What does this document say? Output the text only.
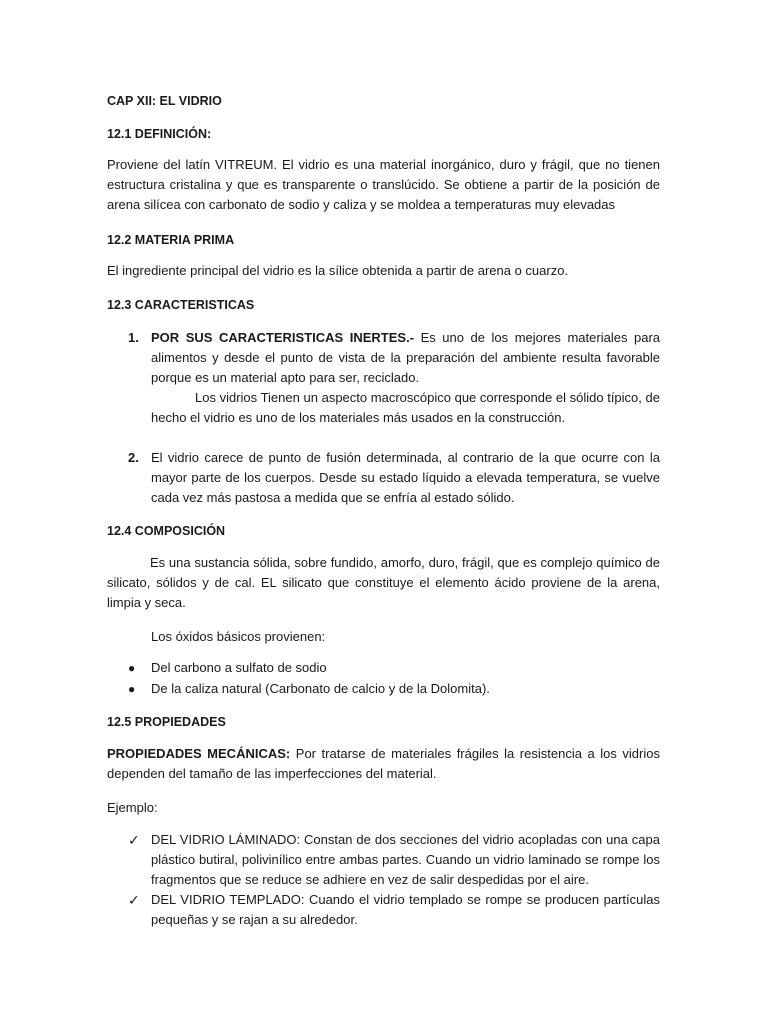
CAP XII: EL VIDRIO
12.1 DEFINICIÓN:
Proviene del latín VITREUM. El vidrio es una material inorgánico, duro y frágil, que no tienen
estructura cristalina y que es transparente o translúcido. Se obtiene a partir de la posición de
arena silícea con carbonato de sodio y caliza y se moldea a temperaturas muy elevadas
12.2 MATERIA PRIMA
El ingrediente principal del vidrio es la sílice obtenida a partir de arena o cuarzo.
12.3 CARACTERISTICAS
1. POR SUS CARACTERISTICAS INERTES.- Es uno de los mejores materiales para
alimentos y desde el punto de vista de la preparación del ambiente resulta favorable
porque es un material apto para ser, reciclado.
Los vidrios Tienen un aspecto macroscópico que corresponde el sólido típico, de
hecho el vidrio es uno de los materiales más usados en la construcción.
2. El vidrio carece de punto de fusión determinada, al contrario de la que ocurre con la
mayor parte de los cuerpos. Desde su estado líquido a elevada temperatura, se vuelve
cada vez más pastosa a medida que se enfría al estado sólido.
12.4 COMPOSICIÓN
Es una sustancia sólida, sobre fundido, amorfo, duro, frágil, que es complejo químico de
silicato, sólidos y de cal. EL silicato que constituye el elemento ácido proviene de la arena,
limpia y seca.
Los óxidos básicos provienen:
● Del carbono a sulfato de sodio
● De la caliza natural (Carbonato de calcio y de la Dolomita).
12.5 PROPIEDADES
PROPIEDADES MECÁNICAS: Por tratarse de materiales frágiles la resistencia a los vidrios
dependen del tamaño de las imperfecciones del material.
Ejemplo:
✓ DEL VIDRIO LÁMINADO: Constan de dos secciones del vidrio acopladas con una capa
plástico butiral, polivinílico entre ambas partes. Cuando un vidrio laminado se rompe los
fragmentos que se reduce se adhiere en vez de salir despedidas por el aire.
✓ DEL VIDRIO TEMPLADO: Cuando el vidrio templado se rompe se producen partículas
pequeñas y se rajan a su alrededor.
